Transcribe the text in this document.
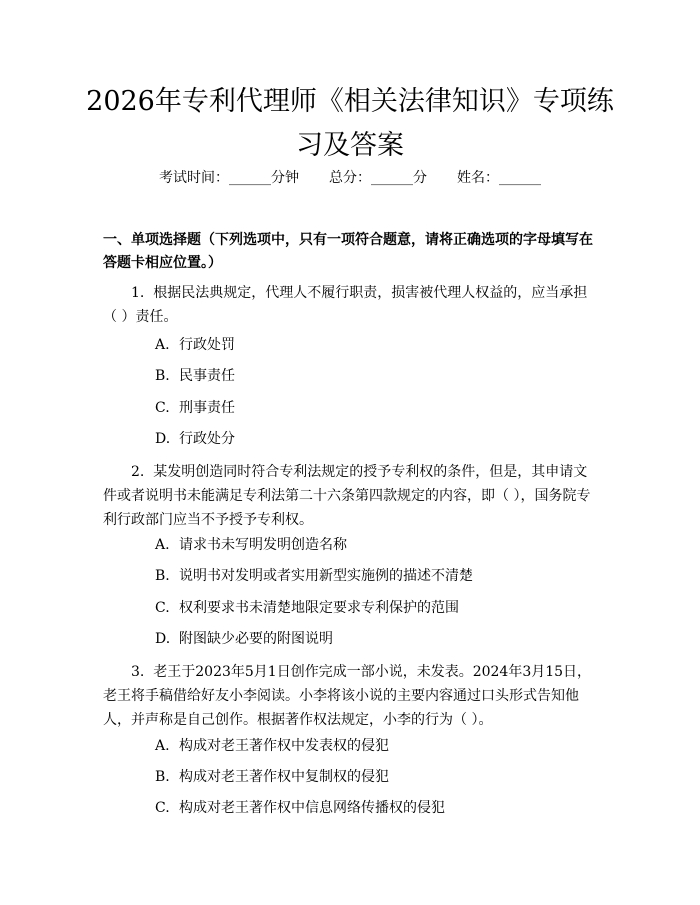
2026年专利代理师《相关法律知识》专项练习及答案
考试时间：______分钟 总分：______分 姓名：______
一、单项选择题（下列选项中，只有一项符合题意，请将正确选项的字母填写在答题卡相应位置。）
1. 根据民法典规定，代理人不履行职责，损害被代理人权益的，应当承担（ ）责任。
A. 行政处罚
B. 民事责任
C. 刑事责任
D. 行政处分
2. 某发明创造同时符合专利法规定的授予专利权的条件，但是，其申请文件或者说明书未能满足专利法第二十六条第四款规定的内容，即（ ），国务院专利行政部门应当不予授予专利权。
A. 请求书未写明发明创造名称
B. 说明书对发明或者实用新型实施例的描述不清楚
C. 权利要求书未清楚地限定要求专利保护的范围
D. 附图缺少必要的附图说明
3. 老王于2023年5月1日创作完成一部小说，未发表。2024年3月15日，老王将手稿借给好友小李阅读。小李将该小说的主要内容通过口头形式告知他人，并声称是自己创作。根据著作权法规定，小李的行为（ ）。
A. 构成对老王著作权中发表权的侵犯
B. 构成对老王著作权中复制权的侵犯
C. 构成对老王著作权中信息网络传播权的侵犯
